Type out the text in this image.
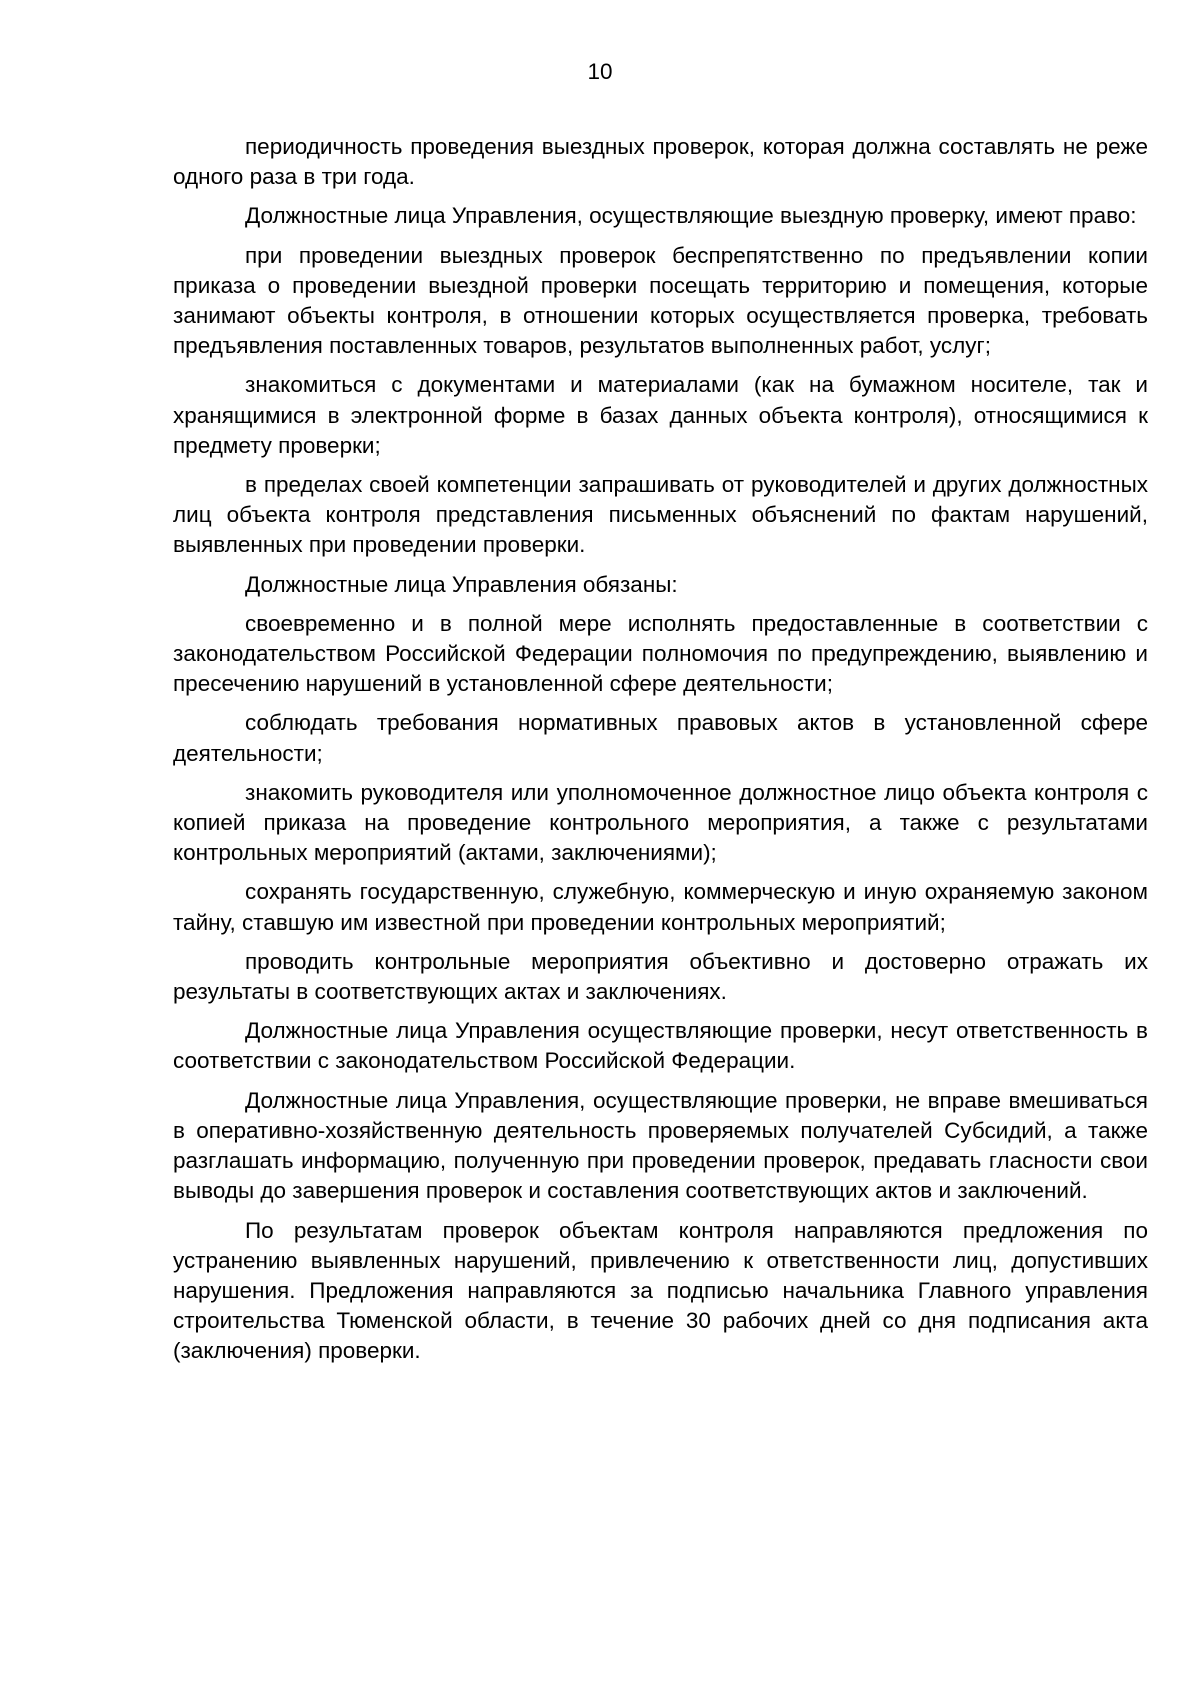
10

периодичность проведения выездных проверок, которая должна составлять не реже одного раза в три года.

Должностные лица Управления, осуществляющие выездную проверку, имеют право:

при проведении выездных проверок беспрепятственно по предъявлении копии приказа о проведении выездной проверки посещать территорию и помещения, которые занимают объекты контроля, в отношении которых осуществляется проверка, требовать предъявления поставленных товаров, результатов выполненных работ, услуг;

знакомиться с документами и материалами (как на бумажном носителе, так и хранящимися в электронной форме в базах данных объекта контроля), относящимися к предмету проверки;

в пределах своей компетенции запрашивать от руководителей и других должностных лиц объекта контроля представления письменных объяснений по фактам нарушений, выявленных при проведении проверки.

Должностные лица Управления обязаны:

своевременно и в полной мере исполнять предоставленные в соответствии с законодательством Российской Федерации полномочия по предупреждению, выявлению и пресечению нарушений в установленной сфере деятельности;

соблюдать требования нормативных правовых актов в установленной сфере деятельности;

знакомить руководителя или уполномоченное должностное лицо объекта контроля с копией приказа на проведение контрольного мероприятия, а также с результатами контрольных мероприятий (актами, заключениями);

сохранять государственную, служебную, коммерческую и иную охраняемую законом тайну, ставшую им известной при проведении контрольных мероприятий;

проводить контрольные мероприятия объективно и достоверно отражать их результаты в соответствующих актах и заключениях.

Должностные лица Управления осуществляющие проверки, несут ответственность в соответствии с законодательством Российской Федерации.

Должностные лица Управления, осуществляющие проверки, не вправе вмешиваться в оперативно-хозяйственную деятельность проверяемых получателей Субсидий, а также разглашать информацию, полученную при проведении проверок, предавать гласности свои выводы до завершения проверок и составления соответствующих актов и заключений.

По результатам проверок объектам контроля направляются предложения по устранению выявленных нарушений, привлечению к ответственности лиц, допустивших нарушения. Предложения направляются за подписью начальника Главного управления строительства Тюменской области, в течение 30 рабочих дней со дня подписания акта (заключения) проверки.
